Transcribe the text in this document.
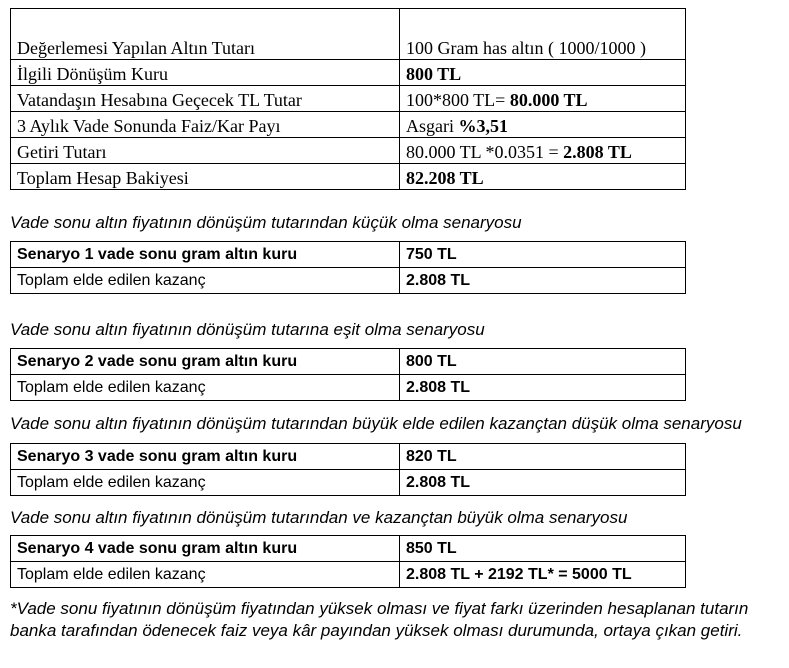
Değerlemesi Yapılan Altın Tutarı	100 Gram has altın ( 1000/1000 )
İlgili Dönüşüm Kuru	800 TL
Vatandaşın Hesabına Geçecek TL Tutar	100*800 TL= 80.000 TL
3 Aylık Vade Sonunda Faiz/Kar Payı	Asgari %3,51
Getiri Tutarı	80.000 TL *0.0351 = 2.808 TL
Toplam Hesap Bakiyesi	82.208 TL
Vade sonu altın fiyatının dönüşüm tutarından küçük olma senaryosu
Senaryo 1 vade sonu gram altın kuru	750 TL
Toplam elde edilen kazanç	2.808 TL
Vade sonu altın fiyatının dönüşüm tutarına eşit olma senaryosu
Senaryo 2 vade sonu gram altın kuru	800 TL
Toplam elde edilen kazanç	2.808 TL
Vade sonu altın fiyatının dönüşüm tutarından büyük elde edilen kazançtan düşük olma senaryosu
Senaryo 3 vade sonu gram altın kuru	820 TL
Toplam elde edilen kazanç	2.808 TL
Vade sonu altın fiyatının dönüşüm tutarından ve kazançtan büyük olma senaryosu
Senaryo 4 vade sonu gram altın kuru	850 TL
Toplam elde edilen kazanç	2.808 TL + 2192 TL* = 5000 TL
*Vade sonu fiyatının dönüşüm fiyatından yüksek olması ve fiyat farkı üzerinden hesaplanan tutarın banka tarafından ödenecek faiz veya kâr payından yüksek olması durumunda, ortaya çıkan getiri.
